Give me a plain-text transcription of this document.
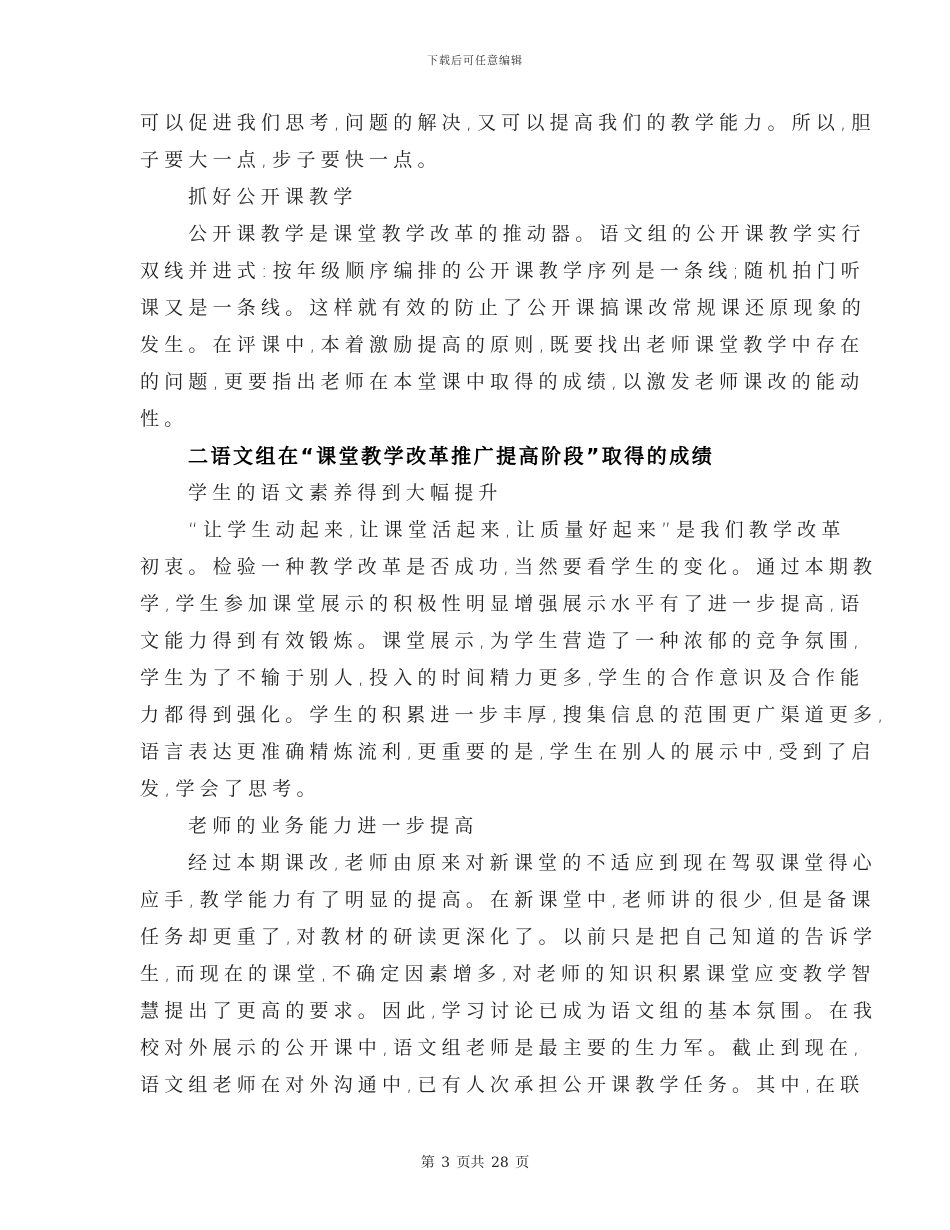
下载后可任意编辑
可以促进我们思考,问题的解决,又可以提高我们的教学能力。所以,胆
子要大一点,步子要快一点。
抓好公开课教学
公开课教学是课堂教学改革的推动器。语文组的公开课教学实行
双线并进式:按年级顺序编排的公开课教学序列是一条线;随机拍门听
课又是一条线。这样就有效的防止了公开课搞课改常规课还原现象的
发生。在评课中,本着激励提高的原则,既要找出老师课堂教学中存在
的问题,更要指出老师在本堂课中取得的成绩,以激发老师课改的能动
性。
二语文组在“课堂教学改革推广提高阶段”取得的成绩
学生的语文素养得到大幅提升
“让学生动起来,让课堂活起来,让质量好起来”是我们教学改革
初衷。检验一种教学改革是否成功,当然要看学生的变化。通过本期教
学,学生参加课堂展示的积极性明显增强展示水平有了进一步提高,语
文能力得到有效锻炼。课堂展示,为学生营造了一种浓郁的竞争氛围,
学生为了不输于别人,投入的时间精力更多,学生的合作意识及合作能
力都得到强化。学生的积累进一步丰厚,搜集信息的范围更广渠道更多,
语言表达更准确精炼流利,更重要的是,学生在别人的展示中,受到了启
发,学会了思考。
老师的业务能力进一步提高
经过本期课改,老师由原来对新课堂的不适应到现在驾驭课堂得心
应手,教学能力有了明显的提高。在新课堂中,老师讲的很少,但是备课
任务却更重了,对教材的研读更深化了。以前只是把自己知道的告诉学
生,而现在的课堂,不确定因素增多,对老师的知识积累课堂应变教学智
慧提出了更高的要求。因此,学习讨论已成为语文组的基本氛围。在我
校对外展示的公开课中,语文组老师是最主要的生力军。截止到现在,
语文组老师在对外沟通中,已有人次承担公开课教学任务。其中,在联
第 3 页共 28 页
